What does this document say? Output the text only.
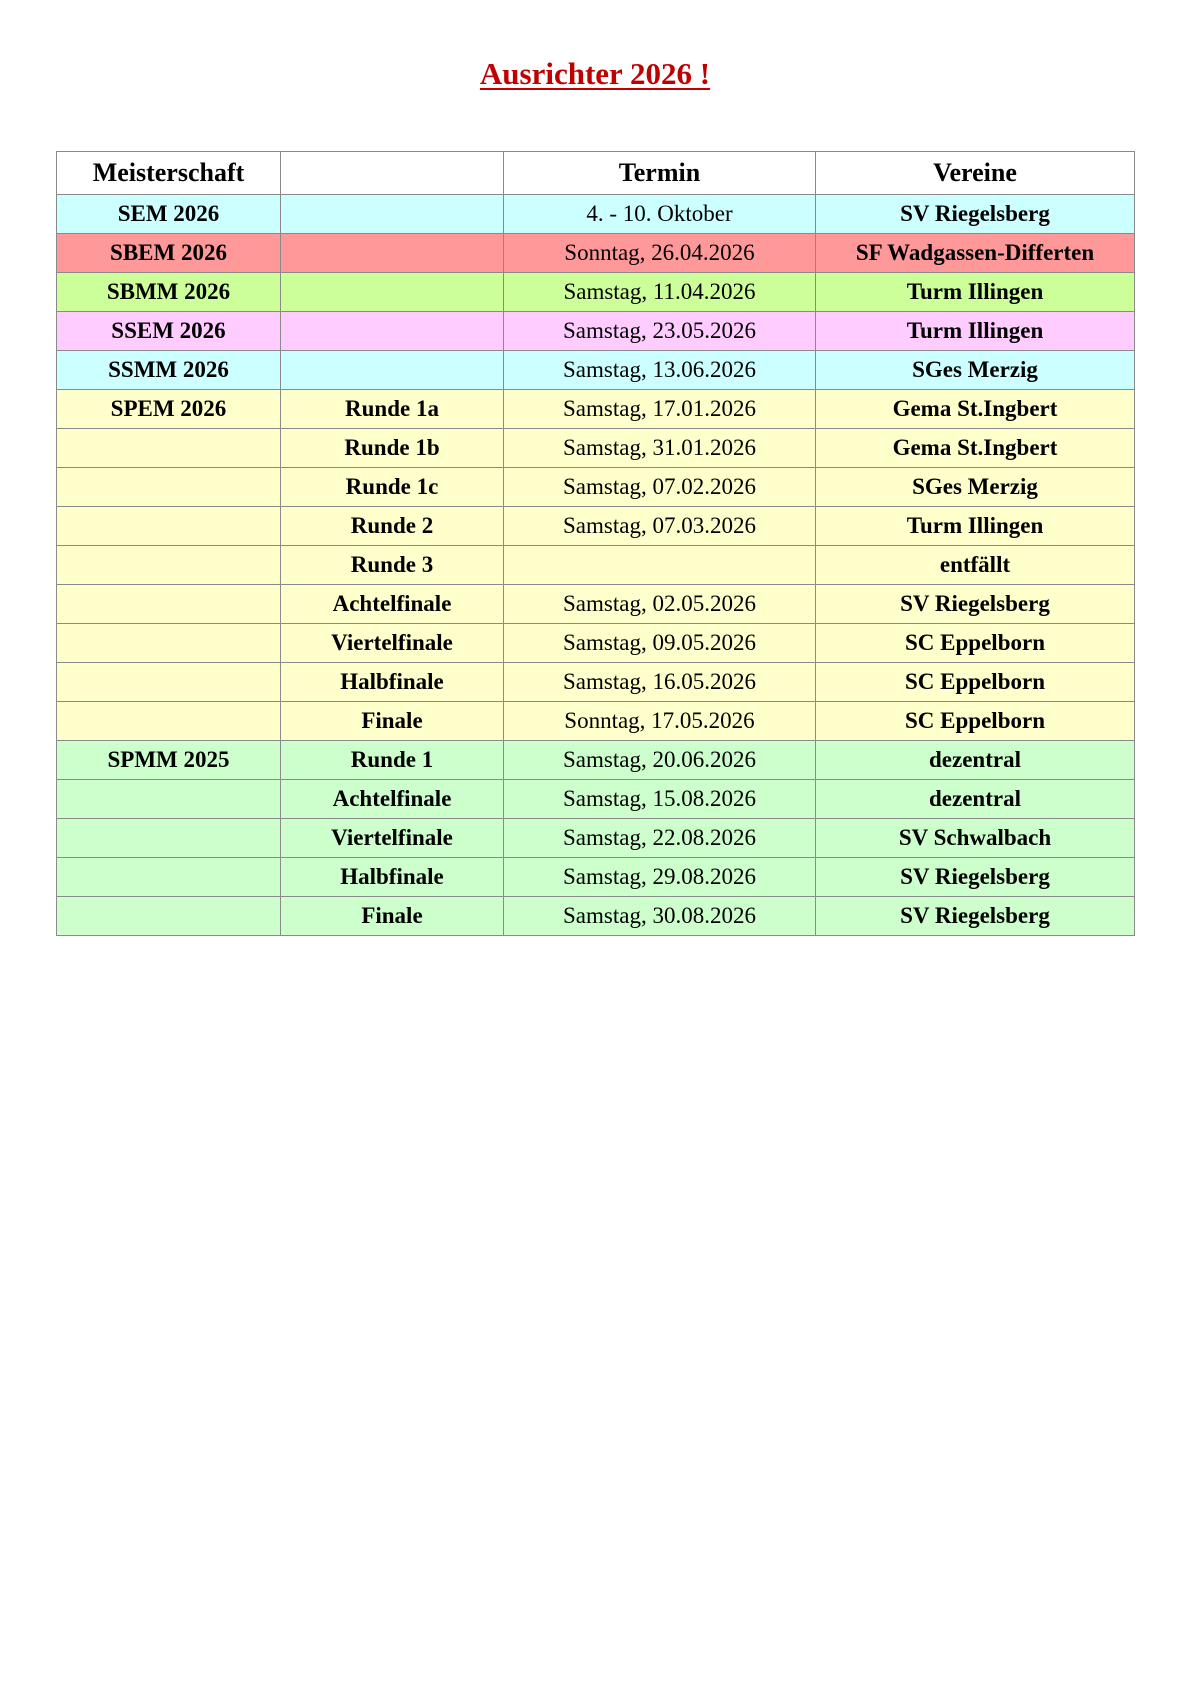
Ausrichter 2026 !
Meisterschaft		Termin	Vereine
SEM 2026		4. - 10. Oktober	SV Riegelsberg
SBEM 2026		Sonntag, 26.04.2026	SF Wadgassen-Differten
SBMM 2026		Samstag, 11.04.2026	Turm Illingen
SSEM 2026		Samstag, 23.05.2026	Turm Illingen
SSMM 2026		Samstag, 13.06.2026	SGes Merzig
SPEM 2026	Runde 1a	Samstag, 17.01.2026	Gema St.Ingbert
	Runde 1b	Samstag, 31.01.2026	Gema St.Ingbert
	Runde 1c	Samstag, 07.02.2026	SGes Merzig
	Runde 2	Samstag, 07.03.2026	Turm Illingen
	Runde 3		entfällt
	Achtelfinale	Samstag, 02.05.2026	SV Riegelsberg
	Viertelfinale	Samstag, 09.05.2026	SC Eppelborn
	Halbfinale	Samstag, 16.05.2026	SC Eppelborn
	Finale	Sonntag, 17.05.2026	SC Eppelborn
SPMM 2025	Runde 1	Samstag, 20.06.2026	dezentral
	Achtelfinale	Samstag, 15.08.2026	dezentral
	Viertelfinale	Samstag, 22.08.2026	SV Schwalbach
	Halbfinale	Samstag, 29.08.2026	SV Riegelsberg
	Finale	Samstag, 30.08.2026	SV Riegelsberg
